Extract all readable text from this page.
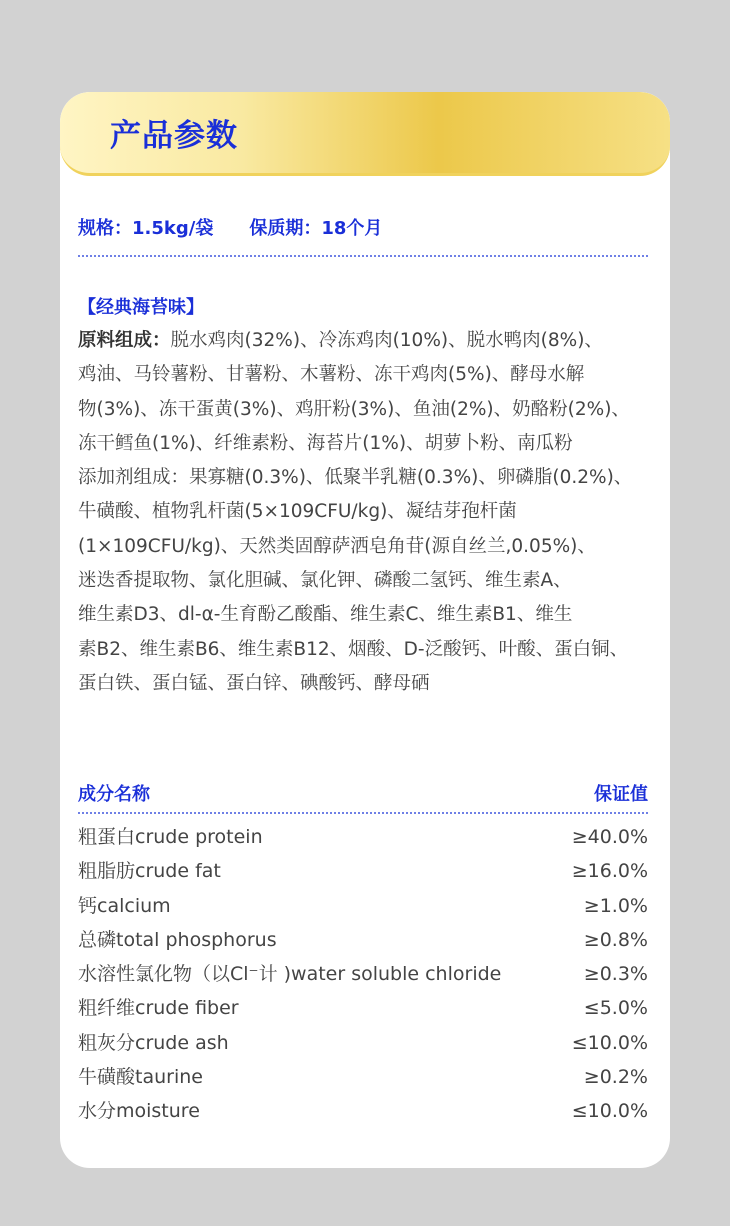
产品参数
规格：1.5kg/袋 保质期：18个月
【经典海苔味】
原料组成：脱水鸡肉(32%)、冷冻鸡肉(10%)、脱水鸭肉(8%)、
鸡油、马铃薯粉、甘薯粉、木薯粉、冻干鸡肉(5%)、酵母水解
物(3%)、冻干蛋黄(3%)、鸡肝粉(3%)、鱼油(2%)、奶酪粉(2%)、
冻干鳕鱼(1%)、纤维素粉、海苔片(1%)、胡萝卜粉、南瓜粉
添加剂组成：果寡糖(0.3%)、低聚半乳糖(0.3%)、卵磷脂(0.2%)、
牛磺酸、植物乳杆菌(5×109CFU/kg)、凝结芽孢杆菌
(1×109CFU/kg)、天然类固醇萨洒皂角苷(源自丝兰,0.05%)、
迷迭香提取物、氯化胆碱、氯化钾、磷酸二氢钙、维生素A、
维生素D3、dl-α-生育酚乙酸酯、维生素C、维生素B1、维生
素B2、维生素B6、维生素B12、烟酸、D-泛酸钙、叶酸、蛋白铜、
蛋白铁、蛋白锰、蛋白锌、碘酸钙、酵母硒
成分名称	保证值
粗蛋白crude protein	≥40.0%
粗脂肪crude fat	≥16.0%
钙calcium	≥1.0%
总磷total phosphorus	≥0.8%
水溶性氯化物（以Cl⁻计 )water soluble chloride	≥0.3%
粗纤维crude fiber	≤5.0%
粗灰分crude ash	≤10.0%
牛磺酸taurine	≥0.2%
水分moisture	≤10.0%
